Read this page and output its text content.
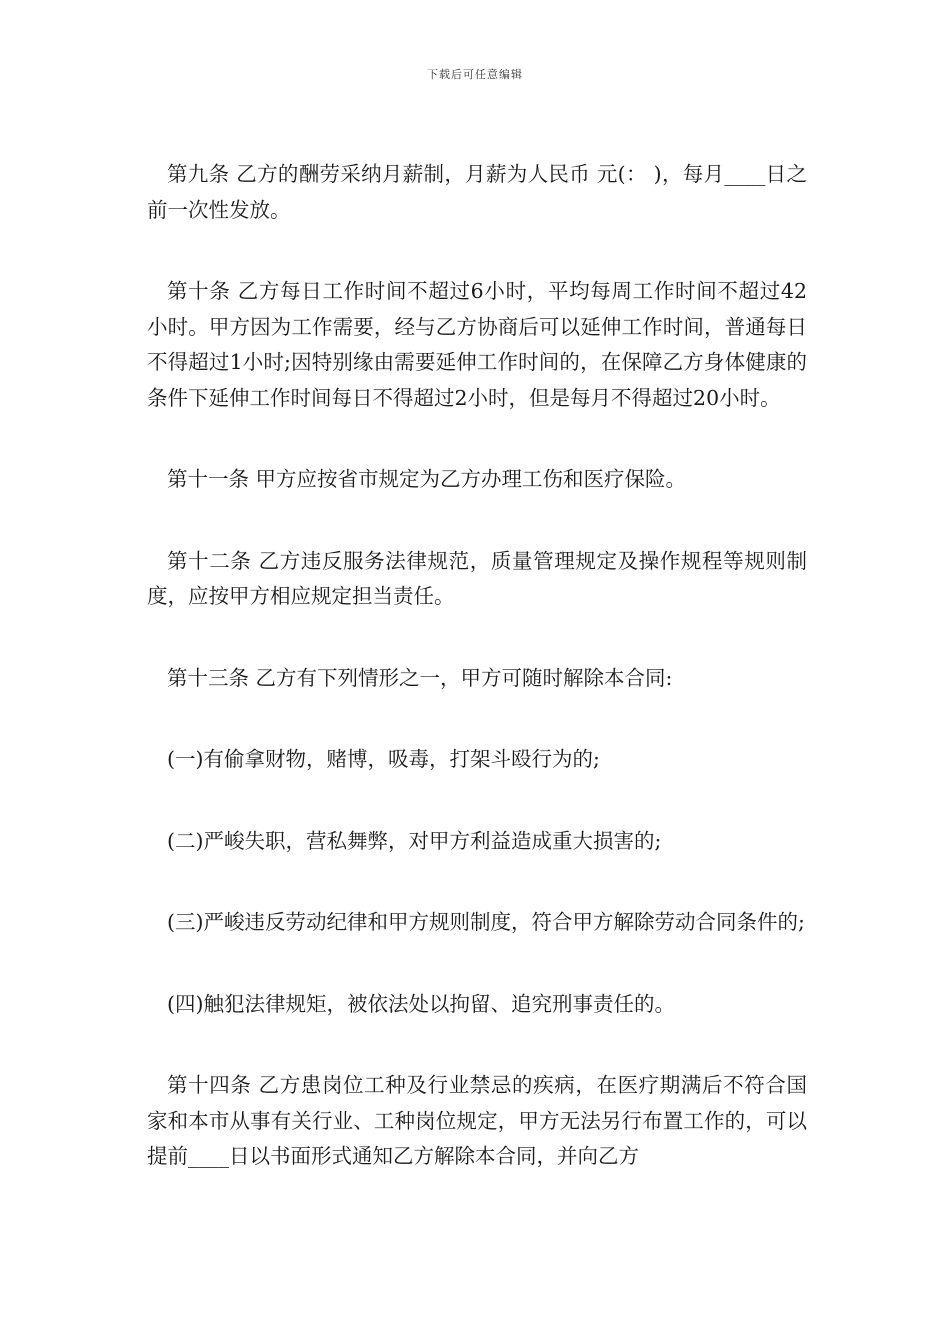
下载后可任意编辑

第九条 乙方的酬劳采纳月薪制，月薪为人民币 元(： )，每月____日之前一次性发放。

第十条 乙方每日工作时间不超过6小时，平均每周工作时间不超过42小时。甲方因为工作需要，经与乙方协商后可以延伸工作时间，普通每日不得超过1小时;因特别缘由需要延伸工作时间的，在保障乙方身体健康的条件下延伸工作时间每日不得超过2小时，但是每月不得超过20小时。

第十一条 甲方应按省市规定为乙方办理工伤和医疗保险。

第十二条 乙方违反服务法律规范，质量管理规定及操作规程等规则制度，应按甲方相应规定担当责任。

第十三条 乙方有下列情形之一，甲方可随时解除本合同:

(一)有偷拿财物，赌博，吸毒，打架斗殴行为的;

(二)严峻失职，营私舞弊，对甲方利益造成重大损害的;

(三)严峻违反劳动纪律和甲方规则制度，符合甲方解除劳动合同条件的;

(四)触犯法律规矩，被依法处以拘留、追究刑事责任的。

第十四条 乙方患岗位工种及行业禁忌的疾病，在医疗期满后不符合国家和本市从事有关行业、工种岗位规定，甲方无法另行布置工作的，可以提前____日以书面形式通知乙方解除本合同，并向乙方
